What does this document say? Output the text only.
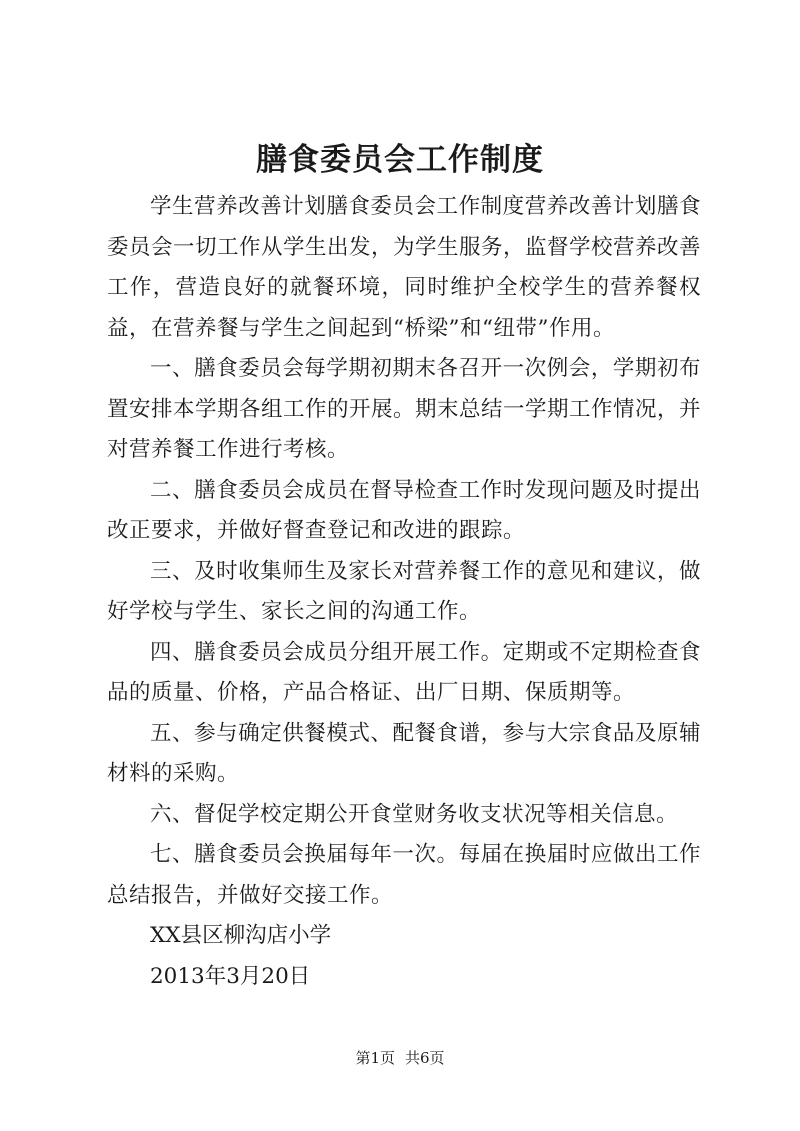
膳食委员会工作制度

学生营养改善计划膳食委员会工作制度营养改善计划膳食委员会一切工作从学生出发，为学生服务，监督学校营养改善工作，营造良好的就餐环境，同时维护全校学生的营养餐权益，在营养餐与学生之间起到“桥梁”和“纽带”作用。

一、膳食委员会每学期初期末各召开一次例会，学期初布置安排本学期各组工作的开展。期末总结一学期工作情况，并对营养餐工作进行考核。

二、膳食委员会成员在督导检查工作时发现问题及时提出改正要求，并做好督查登记和改进的跟踪。

三、及时收集师生及家长对营养餐工作的意见和建议，做好学校与学生、家长之间的沟通工作。

四、膳食委员会成员分组开展工作。定期或不定期检查食品的质量、价格，产品合格证、出厂日期、保质期等。

五、参与确定供餐模式、配餐食谱，参与大宗食品及原辅材料的采购。

六、督促学校定期公开食堂财务收支状况等相关信息。

七、膳食委员会换届每年一次。每届在换届时应做出工作总结报告，并做好交接工作。

XX县区柳沟店小学

2013年3月20日

第1页 共6页
